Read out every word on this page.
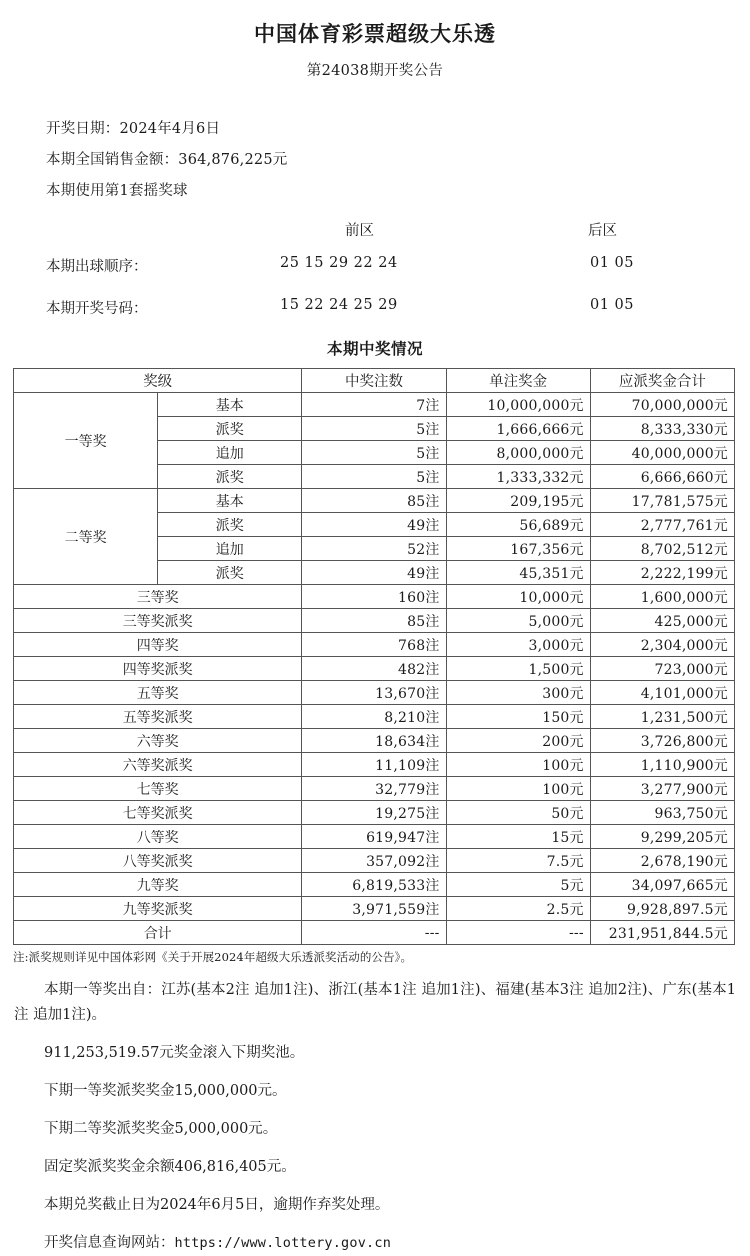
中国体育彩票超级大乐透
第24038期开奖公告
开奖日期：2024年4月6日
本期全国销售金额：364,876,225元
本期使用第1套摇奖球
前区	后区
本期出球顺序：	25 15 29 22 24	01 05
本期开奖号码：	15 22 24 25 29	01 05
本期中奖情况
奖级		中奖注数	单注奖金	应派奖金合计
一等奖	基本	7注	10,000,000元	70,000,000元
	派奖	5注	1,666,666元	8,333,330元
	追加	5注	8,000,000元	40,000,000元
	派奖	5注	1,333,332元	6,666,660元
二等奖	基本	85注	209,195元	17,781,575元
	派奖	49注	56,689元	2,777,761元
	追加	52注	167,356元	8,702,512元
	派奖	49注	45,351元	2,222,199元
三等奖		160注	10,000元	1,600,000元
三等奖派奖		85注	5,000元	425,000元
四等奖		768注	3,000元	2,304,000元
四等奖派奖		482注	1,500元	723,000元
五等奖		13,670注	300元	4,101,000元
五等奖派奖		8,210注	150元	1,231,500元
六等奖		18,634注	200元	3,726,800元
六等奖派奖		11,109注	100元	1,110,900元
七等奖		32,779注	100元	3,277,900元
七等奖派奖		19,275注	50元	963,750元
八等奖		619,947注	15元	9,299,205元
八等奖派奖		357,092注	7.5元	2,678,190元
九等奖		6,819,533注	5元	34,097,665元
九等奖派奖		3,971,559注	2.5元	9,928,897.5元
合计		---	---	231,951,844.5元
注:派奖规则详见中国体彩网《关于开展2024年超级大乐透派奖活动的公告》。

本期一等奖出自：江苏(基本2注 追加1注)、浙江(基本1注 追加1注)、福建(基本3注 追加2注)、广东(基本1注 追加1注)。

911,253,519.57元奖金滚入下期奖池。

下期一等奖派奖奖金15,000,000元。

下期二等奖派奖奖金5,000,000元。

固定奖派奖奖金余额406,816,405元。

本期兑奖截止日为2024年6月5日，逾期作弃奖处理。

开奖信息查询网站：https://www.lottery.gov.cn
